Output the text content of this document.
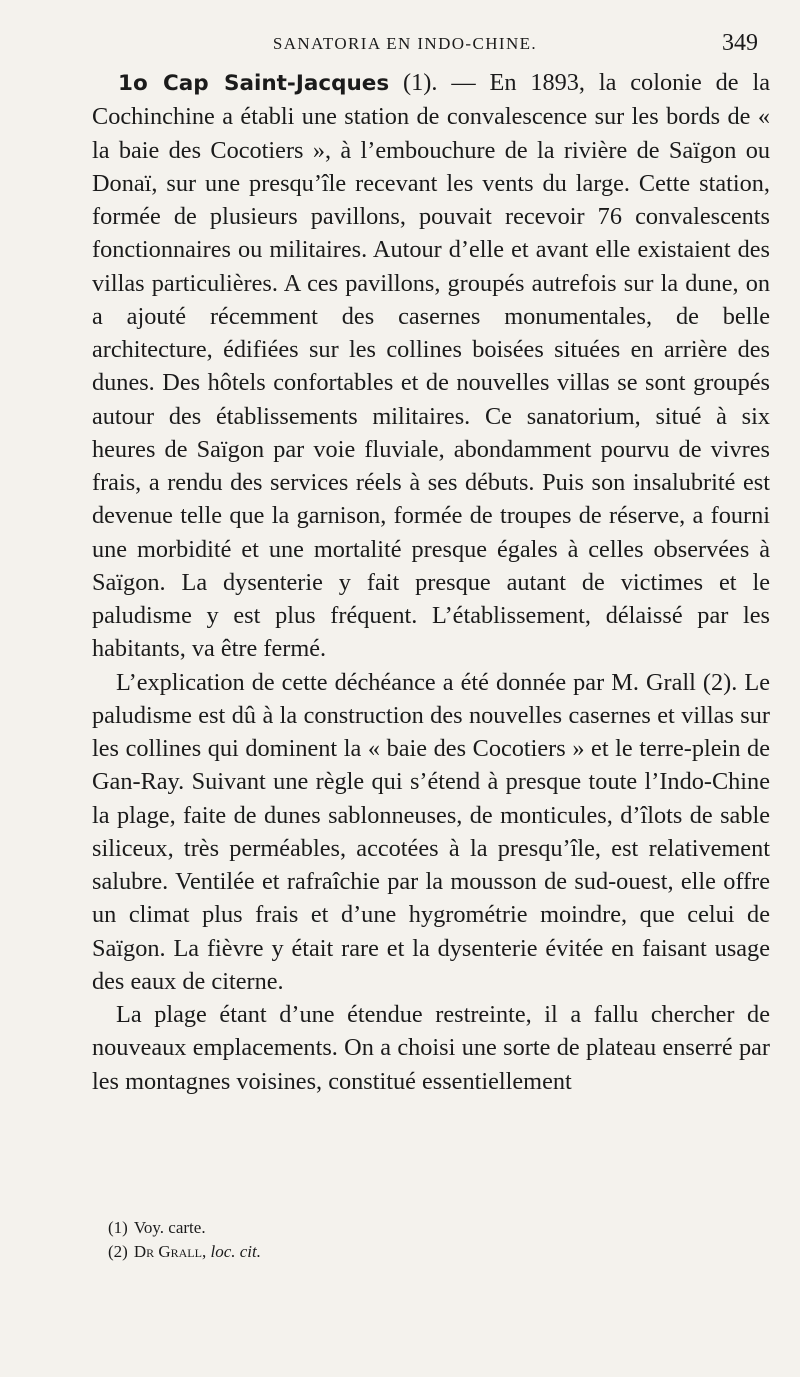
SANATORIA EN INDO-CHINE.	349

1o Cap Saint-Jacques (1). — En 1893, la colonie de la Cochinchine a établi une station de convalescence sur les bords de « la baie des Cocotiers », à l’embouchure de la rivière de Saïgon ou Donaï, sur une presqu’île recevant les vents du large. Cette station, formée de plusieurs pavillons, pouvait recevoir 76 convalescents fonctionnaires ou militaires. Autour d’elle et avant elle existaient des villas particulières. A ces pavillons, groupés autrefois sur la dune, on a ajouté récemment des casernes monumentales, de belle architecture, édifiées sur les collines boisées situées en arrière des dunes. Des hôtels confortables et de nouvelles villas se sont groupés autour des établissements militaires. Ce sanatorium, situé à six heures de Saïgon par voie fluviale, abondamment pourvu de vivres frais, a rendu des services réels à ses débuts. Puis son insalubrité est devenue telle que la garnison, formée de troupes de réserve, a fourni une morbidité et une mortalité presque égales à celles observées à Saïgon. La dysenterie y fait presque autant de victimes et le paludisme y est plus fréquent. L’établissement, délaissé par les habitants, va être fermé.

L’explication de cette déchéance a été donnée par M. Grall (2). Le paludisme est dû à la construction des nouvelles casernes et villas sur les collines qui dominent la « baie des Cocotiers » et le terre-plein de Gan-Ray. Suivant une règle qui s’étend à presque toute l’Indo-Chine la plage, faite de dunes sablonneuses, de monticules, d’îlots de sable siliceux, très perméables, accotées à la presqu’île, est relativement salubre. Ventilée et rafraîchie par la mousson de sud-ouest, elle offre un climat plus frais et d’une hygrométrie moindre, que celui de Saïgon. La fièvre y était rare et la dysenterie évitée en faisant usage des eaux de citerne.

La plage étant d’une étendue restreinte, il a fallu chercher de nouveaux emplacements. On a choisi une sorte de plateau enserré par les montagnes voisines, constitué essentiellement

(1) Voy. carte.
(2) Dr Grall, loc. cit.
